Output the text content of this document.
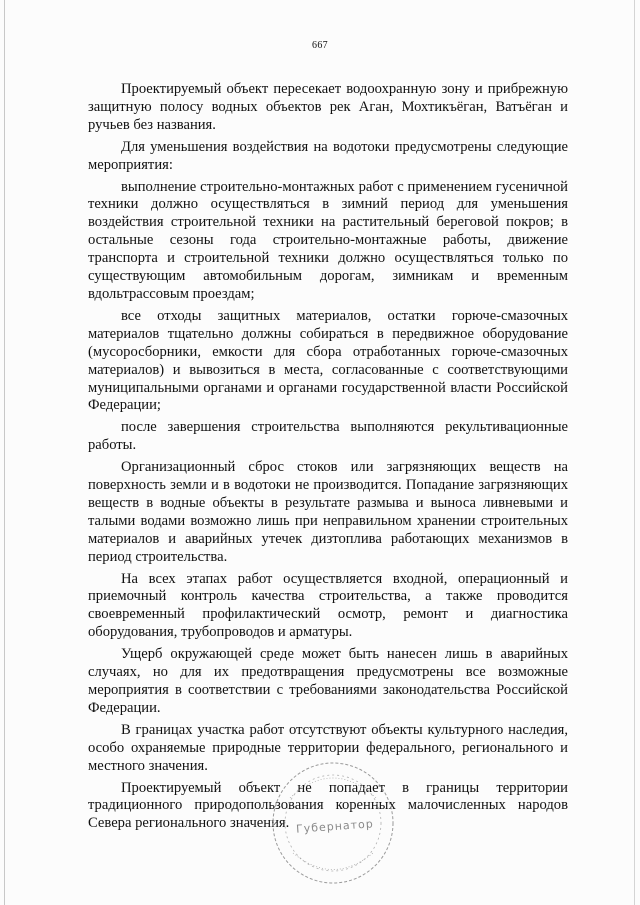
667

Проектируемый объект пересекает водоохранную зону и прибрежную защитную полосу водных объектов рек Аган, Мохтикъёган, Ватъёган и ручьев без названия.

Для уменьшения воздействия на водотоки предусмотрены следующие мероприятия:

выполнение строительно-монтажных работ с применением гусеничной техники должно осуществляться в зимний период для уменьшения воздействия строительной техники на растительный береговой покров; в остальные сезоны года строительно-монтажные работы, движение транспорта и строительной техники должно осуществляться только по существующим автомобильным дорогам, зимникам и временным вдольтрассовым проездам;

все отходы защитных материалов, остатки горюче-смазочных материалов тщательно должны собираться в передвижное оборудование (мусоросборники, емкости для сбора отработанных горюче-смазочных материалов) и вывозиться в места, согласованные с соответствующими муниципальными органами и органами государственной власти Российской Федерации;

после завершения строительства выполняются рекультивационные работы.

Организационный сброс стоков или загрязняющих веществ на поверхность земли и в водотоки не производится. Попадание загрязняющих веществ в водные объекты в результате размыва и выноса ливневыми и талыми водами возможно лишь при неправильном хранении строительных материалов и аварийных утечек дизтоплива работающих механизмов в период строительства.

На всех этапах работ осуществляется входной, операционный и приемочный контроль качества строительства, а также проводится своевременный профилактический осмотр, ремонт и диагностика оборудования, трубопроводов и арматуры.

Ущерб окружающей среде может быть нанесен лишь в аварийных случаях, но для их предотвращения предусмотрены все возможные мероприятия в соответствии с требованиями законодательства Российской Федерации.

В границах участка работ отсутствуют объекты культурного наследия, особо охраняемые природные территории федерального, регионального и местного значения.

Проектируемый объект не попадает в границы территории традиционного природопользования коренных малочисленных народов Севера регионального значения. Губернатор
